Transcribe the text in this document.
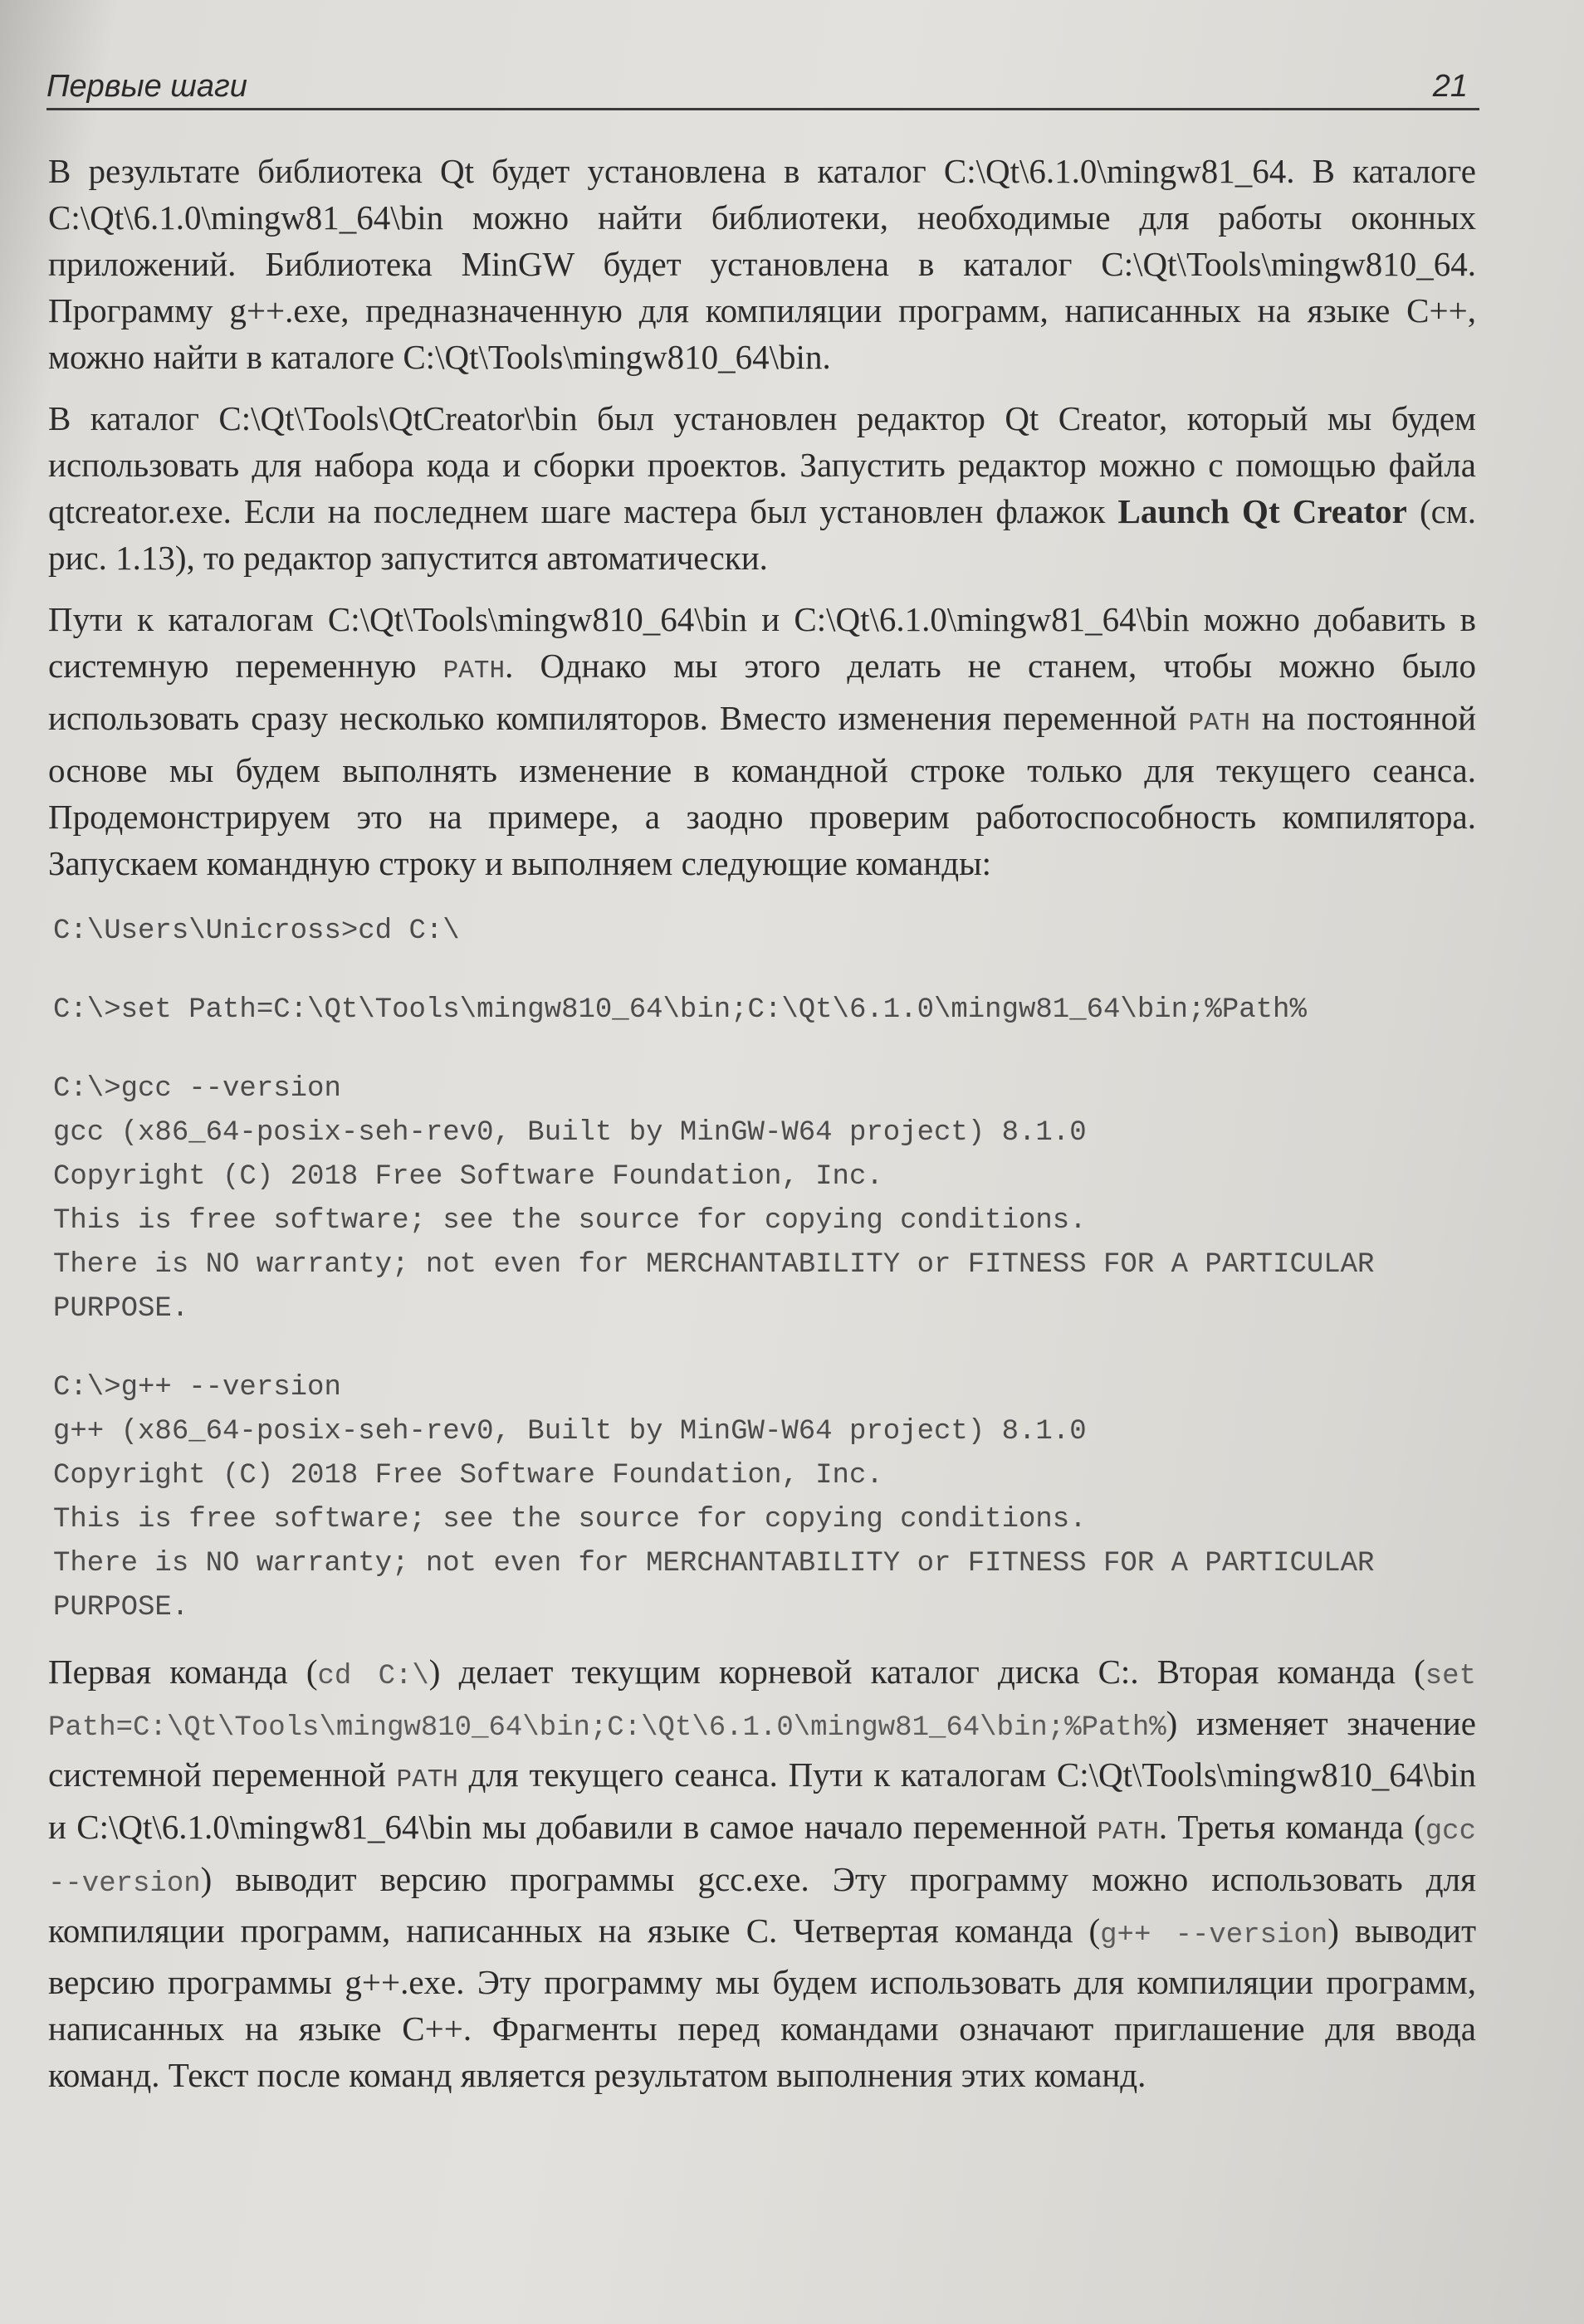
Первые шаги	21

В результате библиотека Qt будет установлена в каталог C:\Qt\6.1.0\mingw81_64. В каталоге C:\Qt\6.1.0\mingw81_64\bin можно найти библиотеки, необходимые для работы оконных приложений. Библиотека MinGW будет установлена в каталог C:\Qt\Tools\mingw810_64. Программу g++.exe, предназначенную для компиляции программ, написанных на языке C++, можно найти в каталоге C:\Qt\Tools\mingw810_64\bin.

В каталог C:\Qt\Tools\QtCreator\bin был установлен редактор Qt Creator, который мы будем использовать для набора кода и сборки проектов. Запустить редактор можно с помощью файла qtcreator.exe. Если на последнем шаге мастера был установлен флажок Launch Qt Creator (см. рис. 1.13), то редактор запустится автоматически.

Пути к каталогам C:\Qt\Tools\mingw810_64\bin и C:\Qt\6.1.0\mingw81_64\bin можно добавить в системную переменную PATH. Однако мы этого делать не станем, чтобы можно было использовать сразу несколько компиляторов. Вместо изменения переменной PATH на постоянной основе мы будем выполнять изменение в командной строке только для текущего сеанса. Продемонстрируем это на примере, а заодно проверим работоспособность компилятора. Запускаем командную строку и выполняем следующие команды:

C:\Users\Unicross>cd C:\
C:\>set Path=C:\Qt\Tools\mingw810_64\bin;C:\Qt\6.1.0\mingw81_64\bin;%Path%
C:\>gcc --version
gcc (x86_64-posix-seh-rev0, Built by MinGW-W64 project) 8.1.0
Copyright (C) 2018 Free Software Foundation, Inc.
This is free software; see the source for copying conditions.
There is NO warranty; not even for MERCHANTABILITY or FITNESS FOR A PARTICULAR
PURPOSE.
C:\>g++ --version
g++ (x86_64-posix-seh-rev0, Built by MinGW-W64 project) 8.1.0
Copyright (C) 2018 Free Software Foundation, Inc.
This is free software; see the source for copying conditions.
There is NO warranty; not even for MERCHANTABILITY or FITNESS FOR A PARTICULAR
PURPOSE.

Первая команда (cd C:\) делает текущим корневой каталог диска C:. Вторая команда (set Path=C:\Qt\Tools\mingw810_64\bin;C:\Qt\6.1.0\mingw81_64\bin;%Path%) изменяет значение системной переменной PATH для текущего сеанса. Пути к каталогам C:\Qt\Tools\mingw810_64\bin и C:\Qt\6.1.0\mingw81_64\bin мы добавили в самое начало переменной PATH. Третья команда (gcc --version) выводит версию программы gcc.exe. Эту программу можно использовать для компиляции программ, написанных на языке C. Четвертая команда (g++ --version) выводит версию программы g++.exe. Эту программу мы будем использовать для компиляции программ, написанных на языке C++. Фрагменты перед командами означают приглашение для ввода команд. Текст после команд является результатом выполнения этих команд.
